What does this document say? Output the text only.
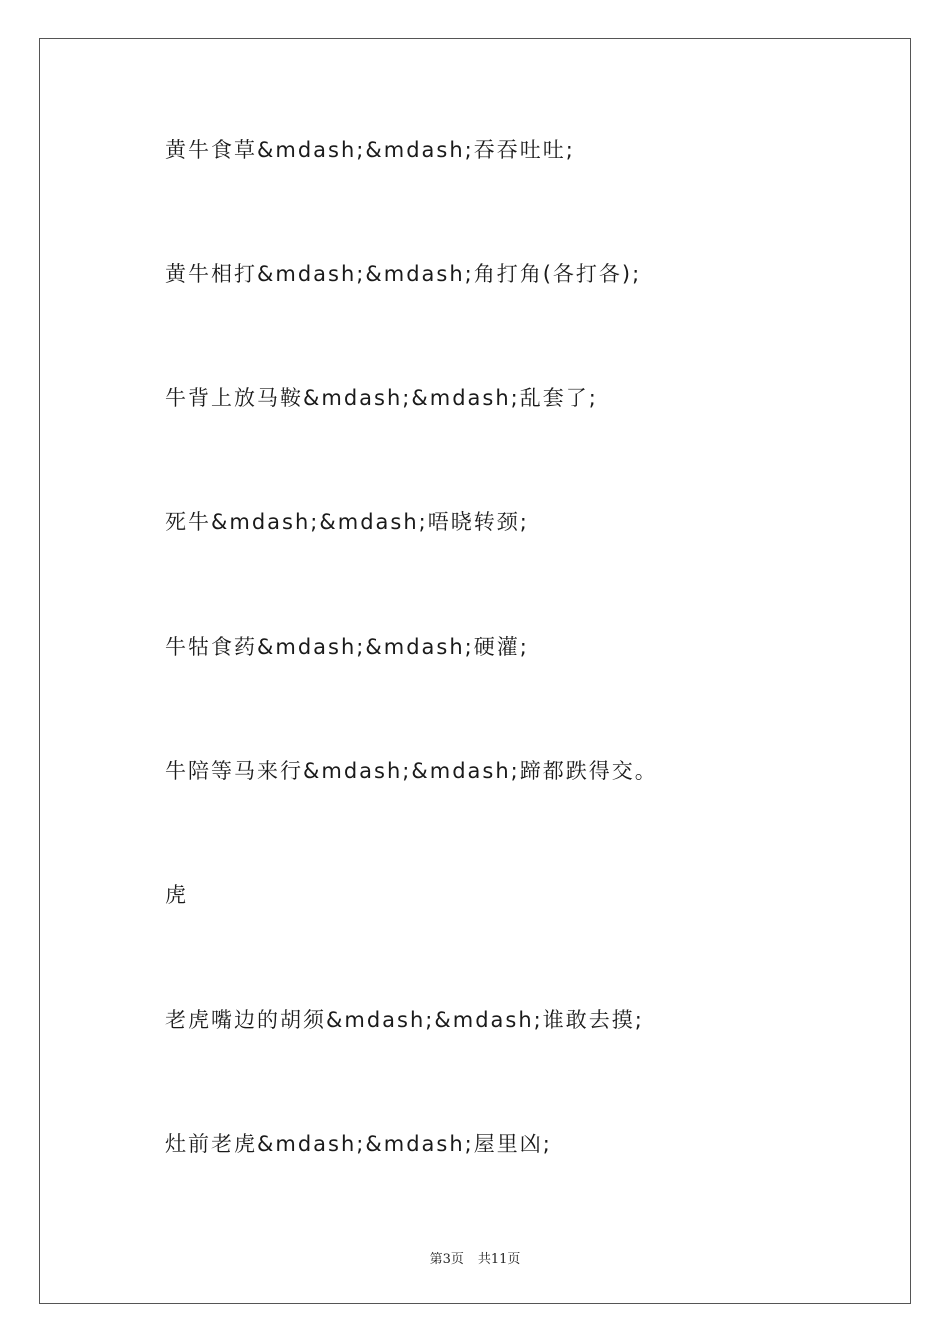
黄牛食草&mdash;&mdash;吞吞吐吐;
黄牛相打&mdash;&mdash;角打角(各打各);
牛背上放马鞍&mdash;&mdash;乱套了;
死牛&mdash;&mdash;唔晓转颈;
牛牯食药&mdash;&mdash;硬灌;
牛陪等马来行&mdash;&mdash;蹄都跌得交。
虎
老虎嘴边的胡须&mdash;&mdash;谁敢去摸;
灶前老虎&mdash;&mdash;屋里凶;
第3页 共11页
